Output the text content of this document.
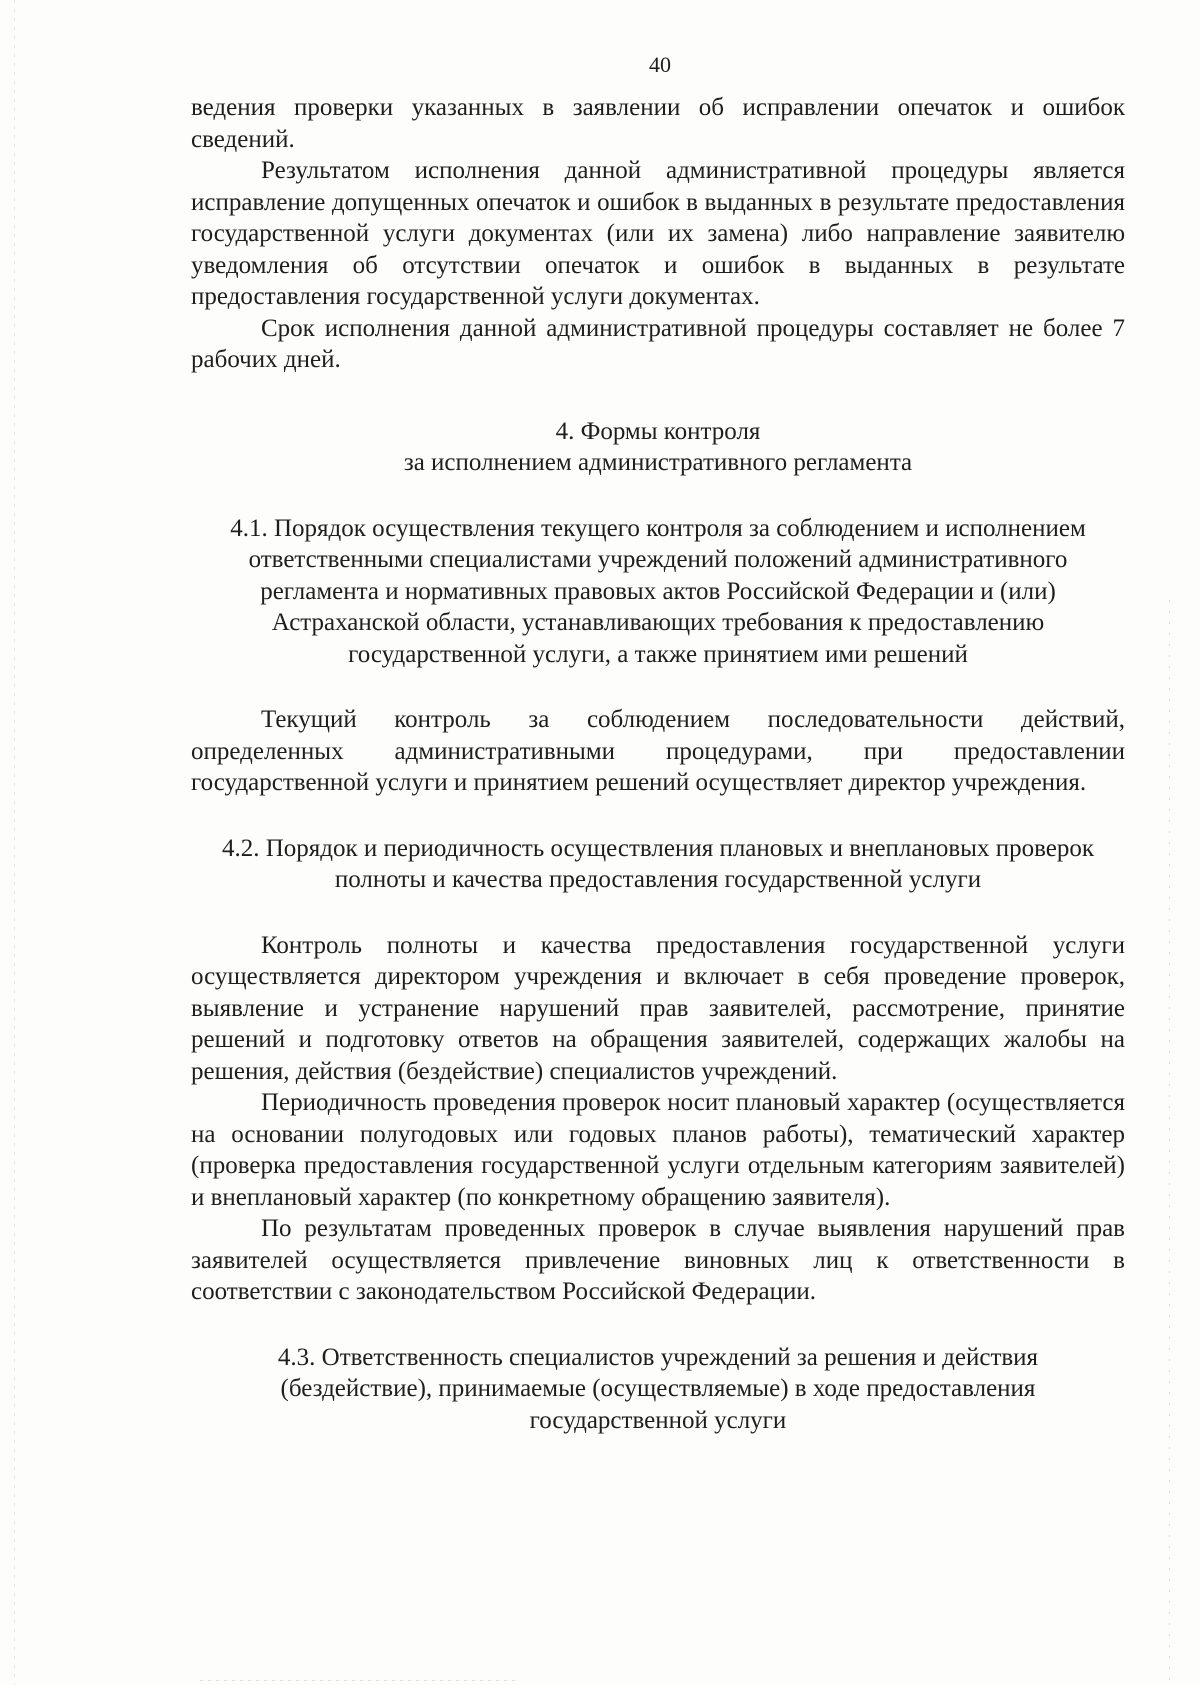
40

ведения проверки указанных в заявлении об исправлении опечаток и ошибок сведений.

Результатом исполнения данной административной процедуры является исправление допущенных опечаток и ошибок в выданных в результате предоставления государственной услуги документах (или их замена) либо направление заявителю уведомления об отсутствии опечаток и ошибок в выданных в результате предоставления государственной услуги документах.

Срок исполнения данной административной процедуры составляет не более 7 рабочих дней.

4. Формы контроля

за исполнением административного регламента

4.1. Порядок осуществления текущего контроля за соблюдением и исполнением ответственными специалистами учреждений положений административного регламента и нормативных правовых актов Российской Федерации и (или) Астраханской области, устанавливающих требования к предоставлению государственной услуги, а также принятием ими решений

Текущий контроль за соблюдением последовательности действий, определенных административными процедурами, при предоставлении государственной услуги и принятием решений осуществляет директор учреждения.

4.2. Порядок и периодичность осуществления плановых и внеплановых проверок полноты и качества предоставления государственной услуги

Контроль полноты и качества предоставления государственной услуги осуществляется директором учреждения и включает в себя проведение проверок, выявление и устранение нарушений прав заявителей, рассмотрение, принятие решений и подготовку ответов на обращения заявителей, содержащих жалобы на решения, действия (бездействие) специалистов учреждений.

Периодичность проведения проверок носит плановый характер (осуществляется на основании полугодовых или годовых планов работы), тематический характер (проверка предоставления государственной услуги отдельным категориям заявителей) и внеплановый характер (по конкретному обращению заявителя).

По результатам проведенных проверок в случае выявления нарушений прав заявителей осуществляется привлечение виновных лиц к ответственности в соответствии с законодательством Российской Федерации.

4.3. Ответственность специалистов учреждений за решения и действия (бездействие), принимаемые (осуществляемые) в ходе предоставления государственной услуги
